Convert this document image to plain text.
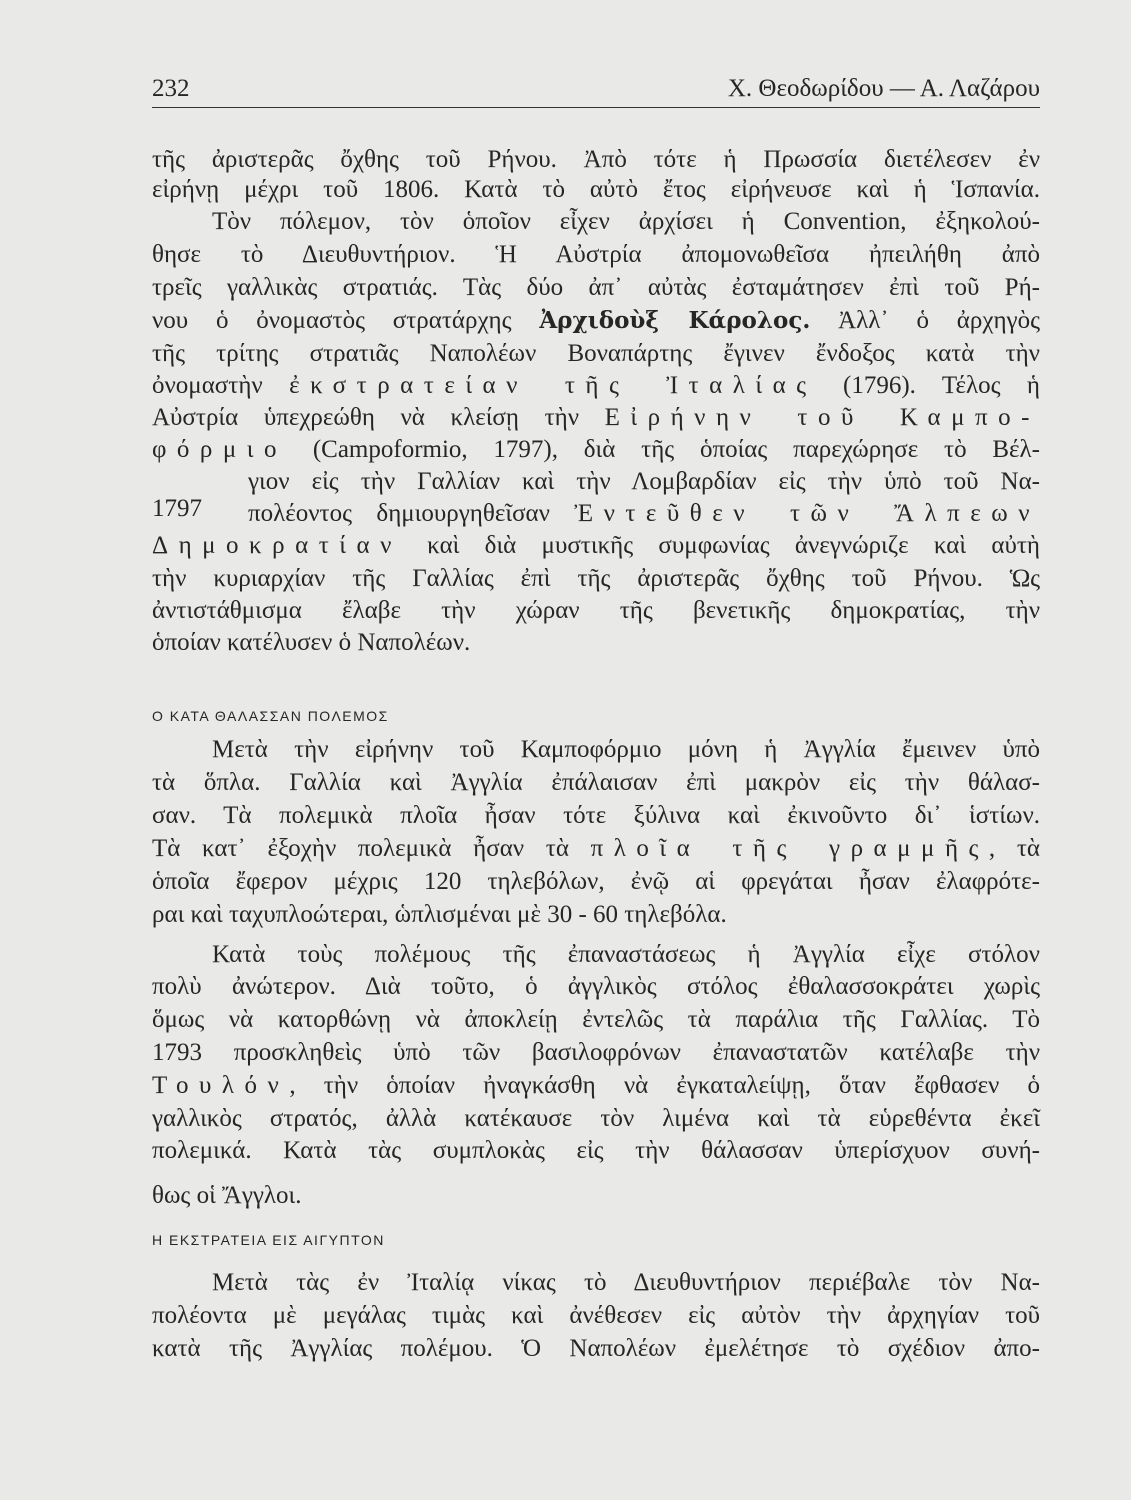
232	Χ. Θεοδωρίδου — Α. Λαζάρου
1797
τῆς ἀριστερᾶς ὄχθης τοῦ Ρήνου. Ἀπὸ τότε ἡ Πρωσσία διετέλεσεν ἐν
εἰρήνῃ μέχρι τοῦ 1806. Κατὰ τὸ αὐτὸ ἔτος εἰρήνευσε καὶ ἡ Ἱσπανία.
Τὸν πόλεμον, τὸν ὁποῖον εἶχεν ἀρχίσει ἡ Convention, ἐξηκολού-
θησε τὸ Διευθυντήριον. Ἡ Αὐστρία ἀπομονωθεῖσα ἠπειλήθη ἀπὸ
τρεῖς γαλλικὰς στρατιάς. Τὰς δύο ἀπ᾽ αὐτὰς ἐσταμάτησεν ἐπὶ τοῦ Ρή-
νου ὁ ὀνομαστὸς στρατάρχης Ἀρχιδοὺξ Κάρολος. Ἀλλ᾽ ὁ ἀρχηγὸς
τῆς τρίτης στρατιᾶς Ναπολέων Βοναπάρτης ἔγινεν ἔνδοξος κατὰ τὴν
ὀνομαστὴν ἐκστρατείαν τῆς Ἰταλίας (1796). Τέλος ἡ
Αὐστρία ὑπεχρεώθη νὰ κλείσῃ τὴν Εἰρήνην τοῦ Καμπο-
φόρμιο (Campoformio, 1797), διὰ τῆς ὁποίας παρεχώρησε τὸ Βέλ-
γιον εἰς τὴν Γαλλίαν καὶ τὴν Λομβαρδίαν εἰς τὴν ὑπὸ τοῦ Να-
πολέοντος δημιουργηθεῖσαν Ἐντεῦθεν τῶν Ἄλπεων
Δημοκρατίαν καὶ διὰ μυστικῆς συμφωνίας ἀνεγνώριζε καὶ αὐτὴ
τὴν κυριαρχίαν τῆς Γαλλίας ἐπὶ τῆς ἀριστερᾶς ὄχθης τοῦ Ρήνου. Ὡς
ἀντιστάθμισμα ἔλαβε τὴν χώραν τῆς βενετικῆς δημοκρατίας, τὴν
ὁποίαν κατέλυσεν ὁ Ναπολέων.
Ο ΚΑΤΑ ΘΑΛΑΣΣΑΝ ΠΟΛΕΜΟΣ
Μετὰ τὴν εἰρήνην τοῦ Καμποφόρμιο μόνη ἡ Ἀγγλία ἔμεινεν ὑπὸ
τὰ ὅπλα. Γαλλία καὶ Ἀγγλία ἐπάλαισαν ἐπὶ μακρὸν εἰς τὴν θάλασ-
σαν. Τὰ πολεμικὰ πλοῖα ἦσαν τότε ξύλινα καὶ ἐκινοῦντο δι᾽ ἱστίων.
Τὰ κατ᾽ ἐξοχὴν πολεμικὰ ἦσαν τὰ πλοῖα τῆς γραμμῆς, τὰ
ὁποῖα ἔφερον μέχρις 120 τηλεβόλων, ἐνῷ αἱ φρεγάται ἦσαν ἐλαφρότε-
ραι καὶ ταχυπλοώτεραι, ὡπλισμέναι μὲ 30 - 60 τηλεβόλα.
Κατὰ τοὺς πολέμους τῆς ἐπαναστάσεως ἡ Ἀγγλία εἶχε στόλον
πολὺ ἀνώτερον. Διὰ τοῦτο, ὁ ἀγγλικὸς στόλος ἐθαλασσοκράτει χωρὶς
ὅμως νὰ κατορθώνῃ νὰ ἀποκλείῃ ἐντελῶς τὰ παράλια τῆς Γαλλίας. Τὸ
1793 προσκληθεὶς ὑπὸ τῶν βασιλοφρόνων ἐπαναστατῶν κατέλαβε τὴν
Τουλόν, τὴν ὁποίαν ἠναγκάσθη νὰ ἐγκαταλείψῃ, ὅταν ἔφθασεν ὁ
γαλλικὸς στρατός, ἀλλὰ κατέκαυσε τὸν λιμένα καὶ τὰ εὑρεθέντα ἐκεῖ
πολεμικά. Κατὰ τὰς συμπλοκὰς εἰς τὴν θάλασσαν ὑπερίσχυον συνή-
θως οἱ Ἄγγλοι.
Η ΕΚΣΤΡΑΤΕΙΑ ΕΙΣ ΑΙΓΥΠΤΟΝ
Μετὰ τὰς ἐν Ἰταλίᾳ νίκας τὸ Διευθυντήριον περιέβαλε τὸν Να-
πολέοντα μὲ μεγάλας τιμὰς καὶ ἀνέθεσεν εἰς αὐτὸν τὴν ἀρχηγίαν τοῦ
κατὰ τῆς Ἀγγλίας πολέμου. Ὁ Ναπολέων ἐμελέτησε τὸ σχέδιον ἀπο-
